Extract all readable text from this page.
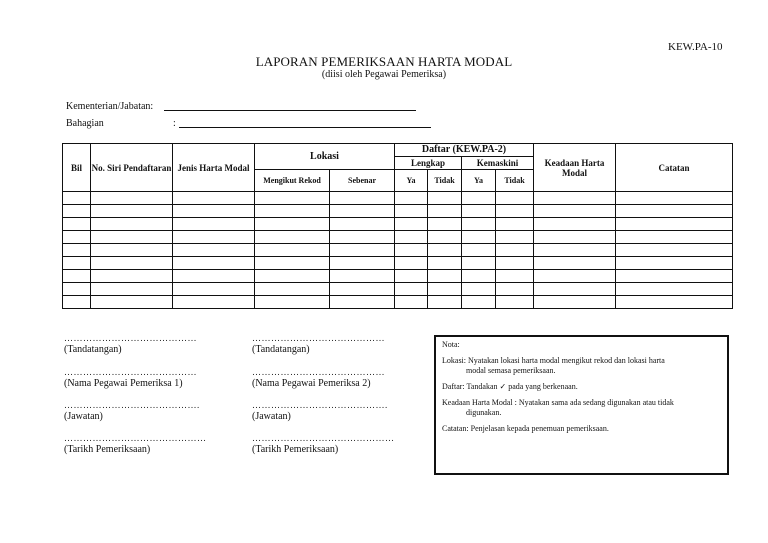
KEW.PA-10
LAPORAN PEMERIKSAAN HARTA MODAL
(diisi oleh Pegawai Pemeriksa)
Kementerian/Jabatan:
Bahagian	:
Bil	No. Siri Pendaftaran	Jenis Harta Modal	Lokasi		Daftar (KEW.PA-2)				Keadaan Harta Modal	Catatan
					Lengkap		Kemaskini			
			Mengikut Rekod	Sebenar	Ya	Tidak	Ya	Tidak		

……………………………………
(Tandatangan)
……………………………………
(Nama Pegawai Pemeriksa 1)
…………………………………….
(Jawatan)
………………………………………
(Tarikh Pemeriksaan)
……………………………………
(Tandatangan)
……………………………………
(Nama Pegawai Pemeriksa 2)
…………………………………….
(Jawatan)
………………………………………
(Tarikh Pemeriksaan)

Nota:

Lokasi: Nyatakan lokasi harta modal mengikut rekod dan lokasi harta

modal semasa pemeriksaan.

Daftar: Tandakan ✓ pada yang berkenaan.

Keadaan Harta Modal : Nyatakan sama ada sedang digunakan atau tidak

digunakan.

Catatan: Penjelasan kepada penemuan pemeriksaan.
